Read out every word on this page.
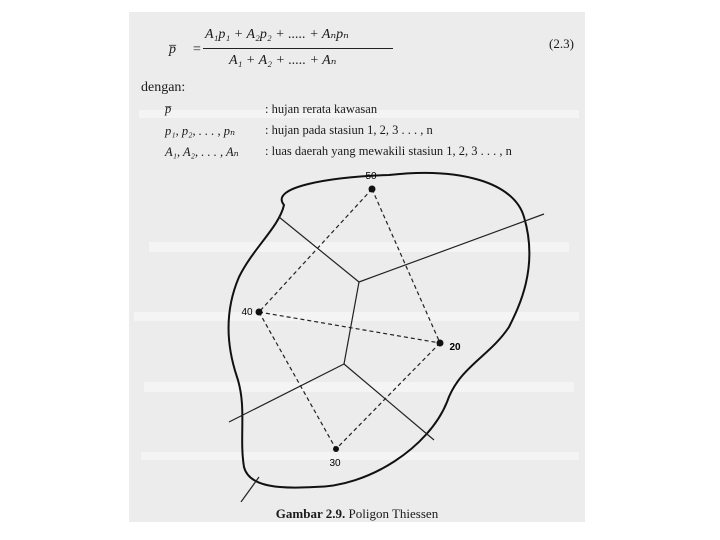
p̅	=
A₁p₁ + A₂p₂ + ..... + Aₙpₙ
A₁ + A₂ + ..... + Aₙ
(2.3)
dengan:
p̅	: hujan rerata kawasan
p₁, p₂, . . . , pₙ : hujan pada stasiun 1, 2, 3 . . . , n
A₁, A₂, . . . , Aₙ : luas daerah yang mewakili stasiun 1, 2, 3 . . . , n
50
40
20
30
Gambar 2.9. Poligon Thiessen
